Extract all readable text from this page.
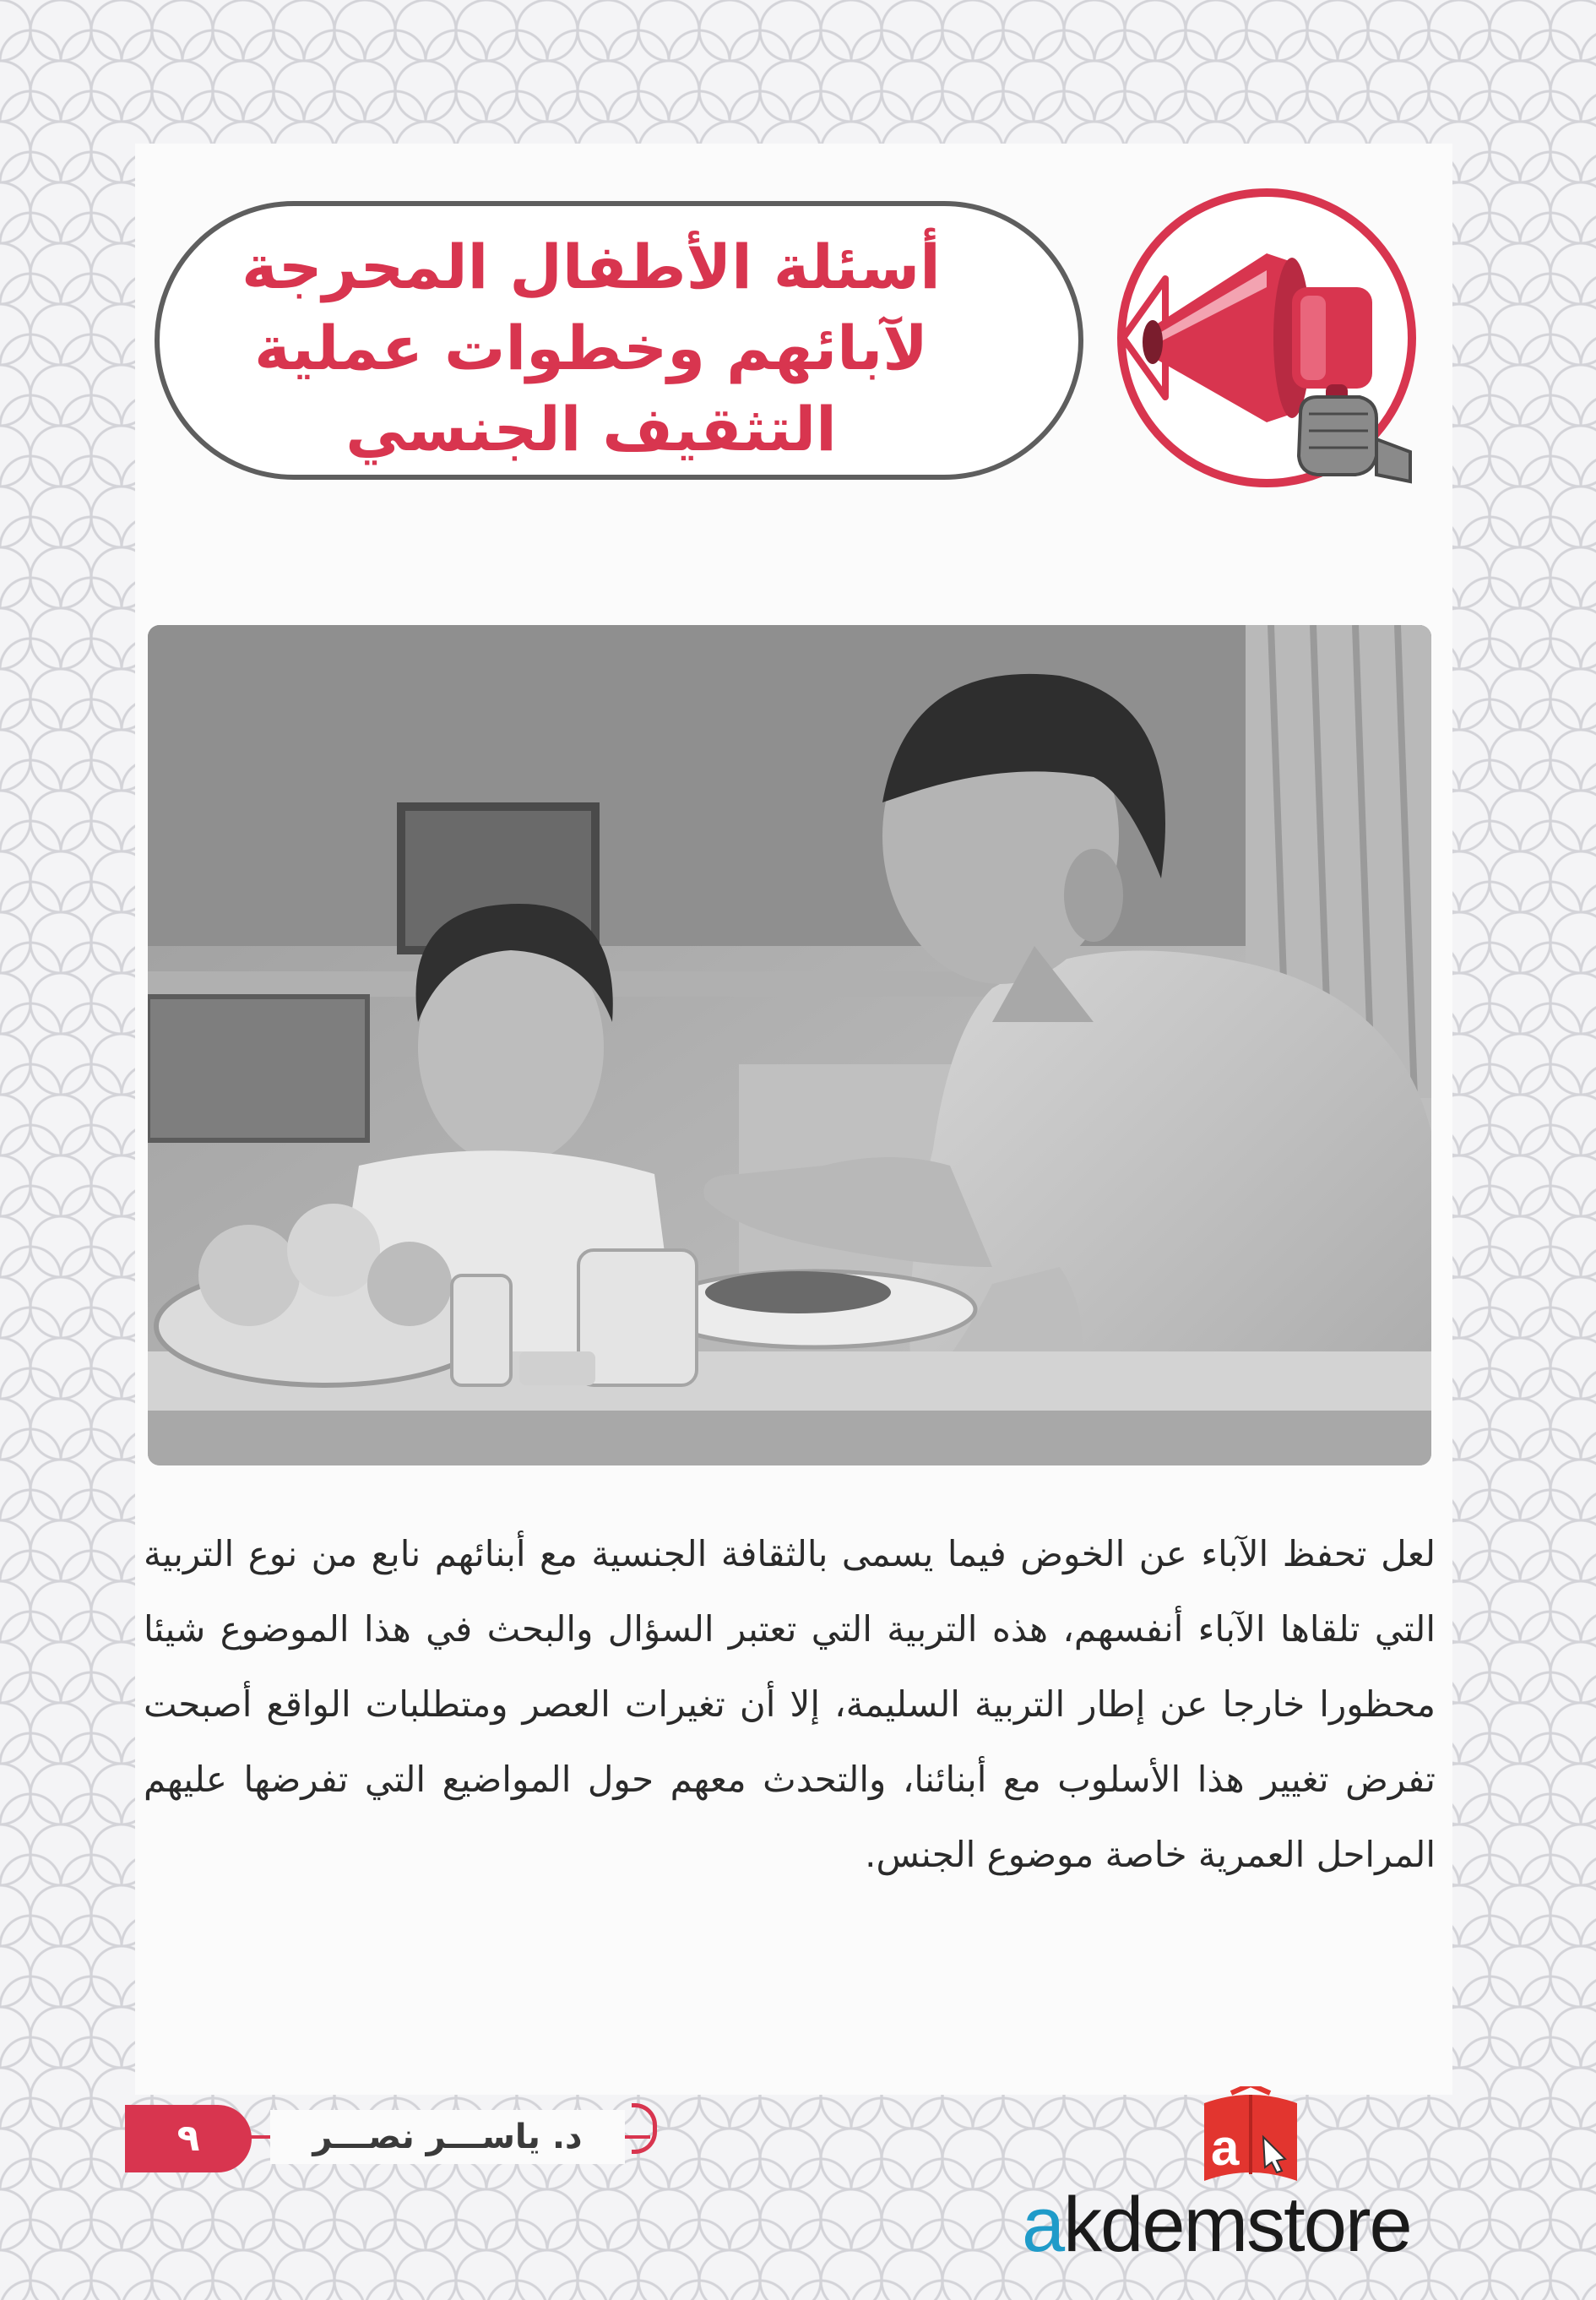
أسئلة الأطفال المحرجة
لآبائهم وخطوات عملية
التثقيف الجنسي
لعل تحفظ الآباء عن الخوض فيما يسمى بالثقافة الجنسية مع أبنائهم نابع من نوع التربية التي تلقاها الآباء أنفسهم، هذه التربية التي تعتبر السؤال والبحث في هذا الموضوع شيئا محظورا خارجا عن إطار التربية السليمة، إلا أن تغيرات العصر ومتطلبات الواقع أصبحت تفرض تغيير هذا الأسلوب مع أبنائنا، والتحدث معهم حول المواضيع التي تفرضها عليهم المراحل العمرية خاصة موضوع الجنس.
٩	د. ياســـر نصـــر	a
akdemstore
